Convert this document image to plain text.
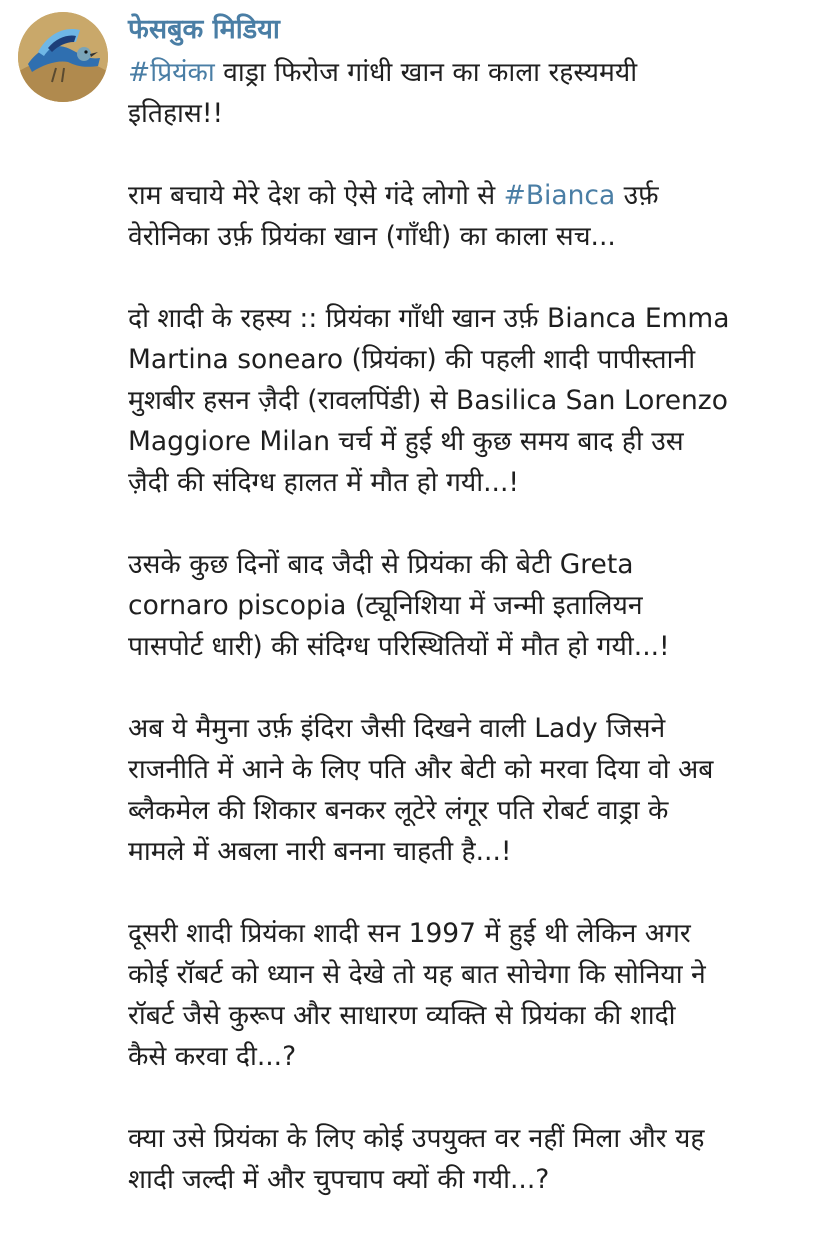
फेसबुक मिडिया

#प्रियंका वाड्रा फिरोज गांधी खान का काला रहस्यमयी
इतिहास!!

राम बचाये मेरे देश को ऐसे गंदे लोगो से #Bianca उर्फ़
वेरोनिका उर्फ़ प्रियंका खान (गाँधी) का काला सच...

दो शादी के रहस्य :: प्रियंका गाँधी खान उर्फ़ Bianca Emma
Martina sonearo (प्रियंका) की पहली शादी पापीस्तानी
मुशबीर हसन ज़ैदी (रावलपिंडी) से Basilica San Lorenzo
Maggiore Milan चर्च में हुई थी कुछ समय बाद ही उस
ज़ैदी की संदिग्ध हालत में मौत हो गयी...!

उसके कुछ दिनों बाद जैदी से प्रियंका की बेटी Greta
cornaro piscopia (ट्यूनिशिया में जन्मी इतालियन
पासपोर्ट धारी) की संदिग्ध परिस्थितियों में मौत हो गयी...!

अब ये मैमुना उर्फ़ इंदिरा जैसी दिखने वाली Lady जिसने
राजनीति में आने के लिए पति और बेटी को मरवा दिया वो अब
ब्लैकमेल की शिकार बनकर लूटेरे लंगूर पति रोबर्ट वाड्रा के
मामले में अबला नारी बनना चाहती है...!

दूसरी शादी प्रियंका शादी सन 1997 में हुई थी लेकिन अगर
कोई रॉबर्ट को ध्यान से देखे तो यह बात सोचेगा कि सोनिया ने
रॉबर्ट जैसे कुरूप और साधारण व्यक्ति से प्रियंका की शादी
कैसे करवा दी...?

क्या उसे प्रियंका के लिए कोई उपयुक्त वर नहीं मिला और यह
शादी जल्दी में और चुपचाप क्यों की गयी...?
